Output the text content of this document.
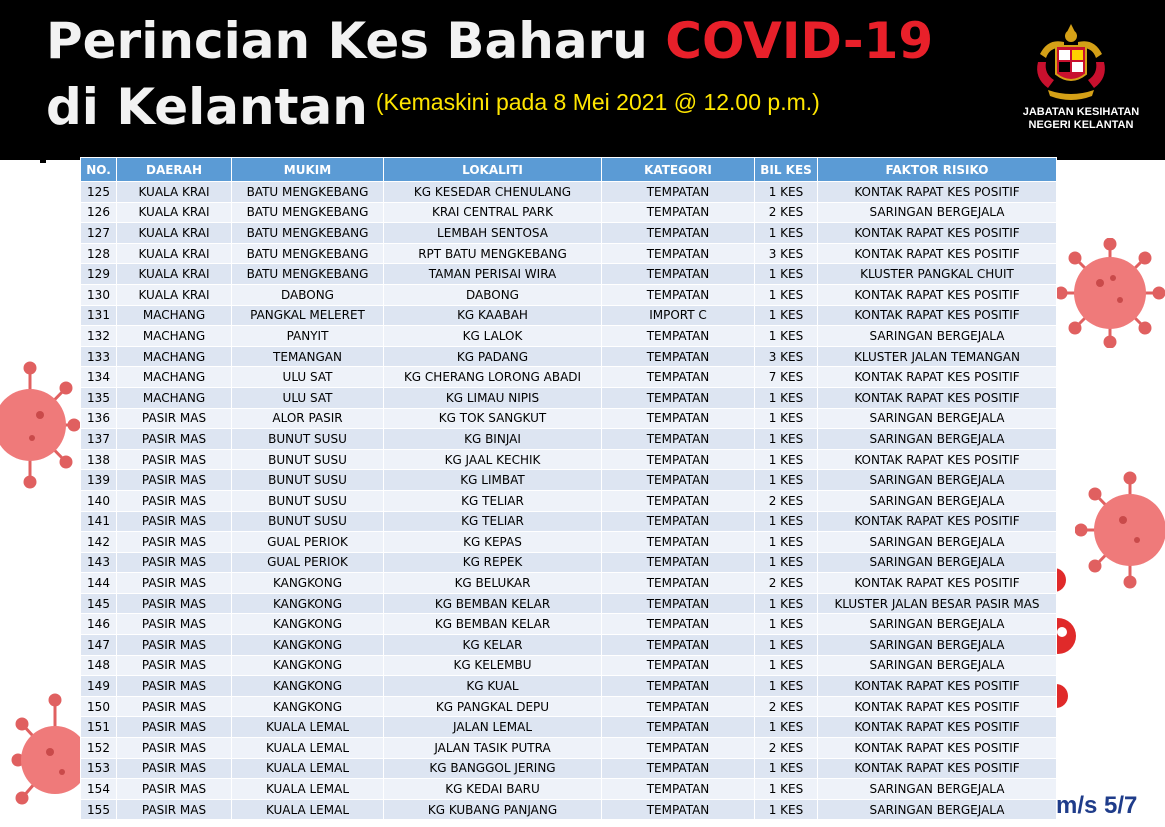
Perincian Kes Baharu COVID-19
di Kelantan (Kemaskini pada 8 Mei 2021 @ 12.00 p.m.)	JABATAN KESIHATAN
NEGERI KELANTAN
NO.	DAERAH	MUKIM	LOKALITI	KATEGORI	BIL KES	FAKTOR RISIKO
125	KUALA KRAI	BATU MENGKEBANG	KG KESEDAR CHENULANG	TEMPATAN	1 KES	KONTAK RAPAT KES POSITIF
126	KUALA KRAI	BATU MENGKEBANG	KRAI CENTRAL PARK	TEMPATAN	2 KES	SARINGAN BERGEJALA
127	KUALA KRAI	BATU MENGKEBANG	LEMBAH SENTOSA	TEMPATAN	1 KES	KONTAK RAPAT KES POSITIF
128	KUALA KRAI	BATU MENGKEBANG	RPT BATU MENGKEBANG	TEMPATAN	3 KES	KONTAK RAPAT KES POSITIF
129	KUALA KRAI	BATU MENGKEBANG	TAMAN PERISAI WIRA	TEMPATAN	1 KES	KLUSTER PANGKAL CHUIT
130	KUALA KRAI	DABONG	DABONG	TEMPATAN	1 KES	KONTAK RAPAT KES POSITIF
131	MACHANG	PANGKAL MELERET	KG KAABAH	IMPORT C	1 KES	KONTAK RAPAT KES POSITIF
132	MACHANG	PANYIT	KG LALOK	TEMPATAN	1 KES	SARINGAN BERGEJALA
133	MACHANG	TEMANGAN	KG PADANG	TEMPATAN	3 KES	KLUSTER JALAN TEMANGAN
134	MACHANG	ULU SAT	KG CHERANG LORONG ABADI	TEMPATAN	7 KES	KONTAK RAPAT KES POSITIF
135	MACHANG	ULU SAT	KG LIMAU NIPIS	TEMPATAN	1 KES	KONTAK RAPAT KES POSITIF
136	PASIR MAS	ALOR PASIR	KG TOK SANGKUT	TEMPATAN	1 KES	SARINGAN BERGEJALA
137	PASIR MAS	BUNUT SUSU	KG BINJAI	TEMPATAN	1 KES	SARINGAN BERGEJALA
138	PASIR MAS	BUNUT SUSU	KG JAAL KECHIK	TEMPATAN	1 KES	KONTAK RAPAT KES POSITIF
139	PASIR MAS	BUNUT SUSU	KG LIMBAT	TEMPATAN	1 KES	SARINGAN BERGEJALA
140	PASIR MAS	BUNUT SUSU	KG TELIAR	TEMPATAN	2 KES	SARINGAN BERGEJALA
141	PASIR MAS	BUNUT SUSU	KG TELIAR	TEMPATAN	1 KES	KONTAK RAPAT KES POSITIF
142	PASIR MAS	GUAL PERIOK	KG KEPAS	TEMPATAN	1 KES	SARINGAN BERGEJALA
143	PASIR MAS	GUAL PERIOK	KG REPEK	TEMPATAN	1 KES	SARINGAN BERGEJALA
144	PASIR MAS	KANGKONG	KG BELUKAR	TEMPATAN	2 KES	KONTAK RAPAT KES POSITIF
145	PASIR MAS	KANGKONG	KG BEMBAN KELAR	TEMPATAN	1 KES	KLUSTER JALAN BESAR PASIR MAS
146	PASIR MAS	KANGKONG	KG BEMBAN KELAR	TEMPATAN	1 KES	SARINGAN BERGEJALA
147	PASIR MAS	KANGKONG	KG KELAR	TEMPATAN	1 KES	SARINGAN BERGEJALA
148	PASIR MAS	KANGKONG	KG KELEMBU	TEMPATAN	1 KES	SARINGAN BERGEJALA
149	PASIR MAS	KANGKONG	KG KUAL	TEMPATAN	1 KES	KONTAK RAPAT KES POSITIF
150	PASIR MAS	KANGKONG	KG PANGKAL DEPU	TEMPATAN	2 KES	KONTAK RAPAT KES POSITIF
151	PASIR MAS	KUALA LEMAL	JALAN LEMAL	TEMPATAN	1 KES	KONTAK RAPAT KES POSITIF
152	PASIR MAS	KUALA LEMAL	JALAN TASIK PUTRA	TEMPATAN	2 KES	KONTAK RAPAT KES POSITIF
153	PASIR MAS	KUALA LEMAL	KG BANGGOL JERING	TEMPATAN	1 KES	KONTAK RAPAT KES POSITIF
154	PASIR MAS	KUALA LEMAL	KG KEDAI BARU	TEMPATAN	1 KES	SARINGAN BERGEJALA
155	PASIR MAS	KUALA LEMAL	KG KUBANG PANJANG	TEMPATAN	1 KES	SARINGAN BERGEJALA m/s 5/7
